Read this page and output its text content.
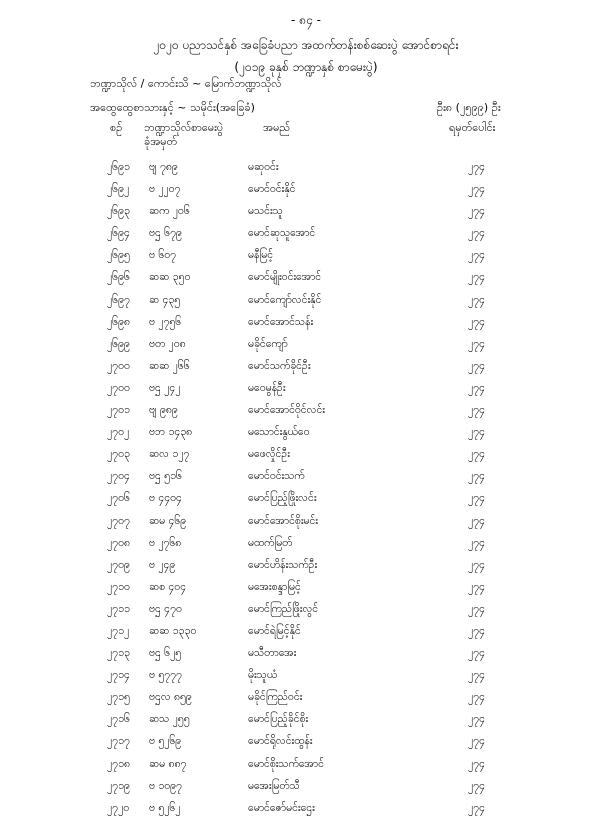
- ၈၄ -
၂၀၂၀ ပညာသင်နှစ် အခြေခံပညာ အထက်တန်းစစ်ဆေးပွဲ အောင်စာရင်း
(၂၀၁၉ ခုနှစ် ဘဏ္ဍာနှစ် စာမေးပွဲ)
ဘဏ္ဍာသိုလ် / ကောင်းသိ ~ မြောက်ဘဏ္ဍာသိုလ်
အထွေထွေစာသားနှင့် ~ သမိုင်း(အခြေခံ)	ဦး၈ (၂၅၉၉) ဦး
စဉ် ဘဏ္ဍာသိုလ်စာမေးပွဲ
ခုံအမှတ်
အမည်	ရမှတ်ပေါင်း
၂၆၉၁ ဗျ ၇၈၉	မဆုဝင်း	၂၇၄
၂၆၉၂ ဗ ၂၂၀၇	မောင်ဝင်းနိုင်	၂၇၄
၂၆၉၃ ဆက ၂၀၆	မသင်းသူ	၂၇၄
၂၆၉၄ ဗဌ ၆၇၉	မောင်ဆုသူအောင်	၂၇၄
၂၆၉၅ ဗ ၆၀၇	မနီမြင့်	၂၇၄
၂၆၉၆ ဆဆ ၃၅၀	မောင်မျိုးဝင်းအောင်	၂၇၄
၂၆၉၇ ဆ ၄၃၅	မောင်ကျော်လင်းနိုင်	၂၇၄
၂၆၉၈ ဗ ၂၇၅၆	မောင်အောင်သန်း	၂၇၄
၂၆၉၉ ဗတ ၂၀၈	မခိုင်ကျော်	၂၇၄
၂၇၀၀ ဆဆ ၂၆၆	မောင်သက်ခိုင်ဦး	၂၇၄
၂၇၀၀ ဗဌ ၂၄၂	မဝေမွန်ဦး	၂၇၄
၂၇၀၁ ဗျ ၉၈၉	မောင်အောင်ဝိုင်လင်း	၂၇၄
၂၇၀၂ ဗဘ ၁၄၃၈	မသောင်းနွယ်ဝေ	၂၇၄
၂၇၀၃ ဆလ ၁၂၇	မဖေလှိုင်ဦး	၂၇၄
၂၇၀၄ ဗဌ ၅၁၆	မောင်ဝင်းသက်	၂၇၄
၂၇၀၆ ဗ ၄၄၀၄	မောင်ပြည့်ဖြိုးလင်း	၂၇၄
၂၇၀၇ ဆမ ၄၆၉	မောင်အောင်စိုးမင်း	၂၇၄
၂၇၀၈ ဗ ၂၇၆၈	မထက်မြတ်	၂၇၄
၂၇၀၉ ဗ ၂၄၉	မောင်ဟိန်းသက်ဦး	၂၇၄
၂၇၁၀ ဆစ ၄၀၄	မအေးစန္ဒာမြင့်	၂၇၄
၂၇၁၁ ဗဌ ၄၇၀	မောင်ကြည်ဖြိုးလွင်	၂၇၄
၂၇၁၂ ဆဆ ၁၃၃၀	မောင်ရဲမြင့်နိုင်	၂၇၄
၂၇၁၃ ဗဌ ၆၂၅	မသီတာအေး	၂၇၄
၂၇၁၄ ဗ ၅၇၇၇	မိုးသူယံ	၂၇၄
၂၇၁၅ ဗဌလ ၈၅၉	မခိုင်ကြည်ဝင်း	၂၇၄
၂၇၁၆ ဆသ ၂၅၅	မောင်ပြည့်ခိုင်စိုး	၂၇၄
၂၇၁၇ ဗ ၅၂၆၉	မောင်ရိုလင်းထွန်း	၂၇၄
၂၇၁၈ ဆမ ၈၈၇	မောင်စိုးသက်အောင်	၂၇၄
၂၇၁၉ ဗ ၁၀၉၇	မအေးမြတ်သီ	၂၇၄
၂၇၂၀ ဗ ၅၂၆၂	မောင်ဇော်မင်းဌေး	၂၇၄
